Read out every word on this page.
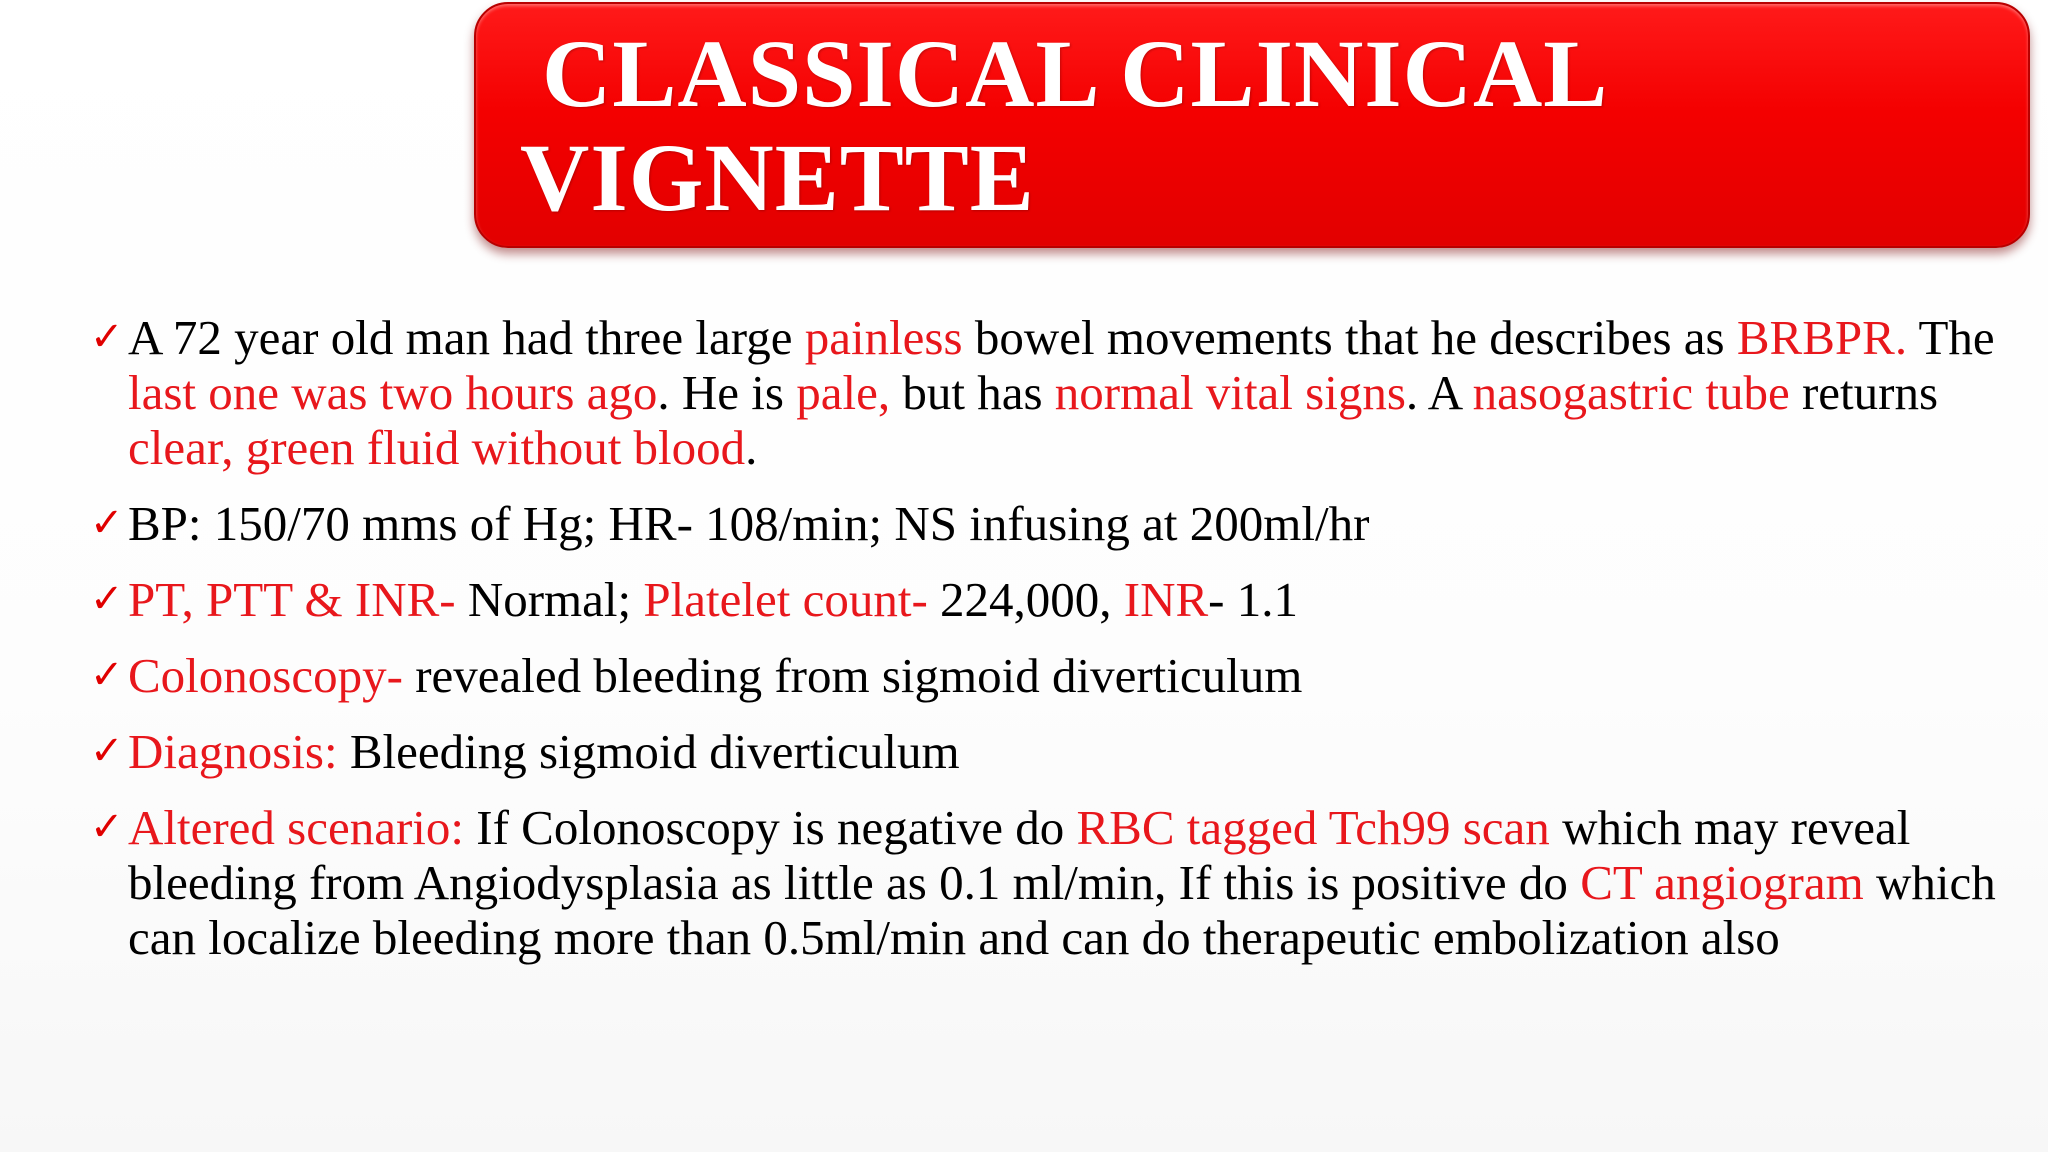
CLASSICAL CLINICAL
VIGNETTE
✓ A 72 year old man had three large painless bowel movements that he describes as BRBPR. The last one was two hours ago. He is pale, but has normal vital signs. A nasogastric tube returns clear, green fluid without blood.
✓ BP: 150/70 mms of Hg; HR- 108/min; NS infusing at 200ml/hr
✓ PT, PTT & INR- Normal; Platelet count- 224,000, INR- 1.1
✓ Colonoscopy- revealed bleeding from sigmoid diverticulum
✓ Diagnosis: Bleeding sigmoid diverticulum
✓ Altered scenario: If Colonoscopy is negative do RBC tagged Tch99 scan which may reveal bleeding from Angiodysplasia as little as 0.1 ml/min, If this is positive do CT angiogram which can localize bleeding more than 0.5ml/min and can do therapeutic embolization also
